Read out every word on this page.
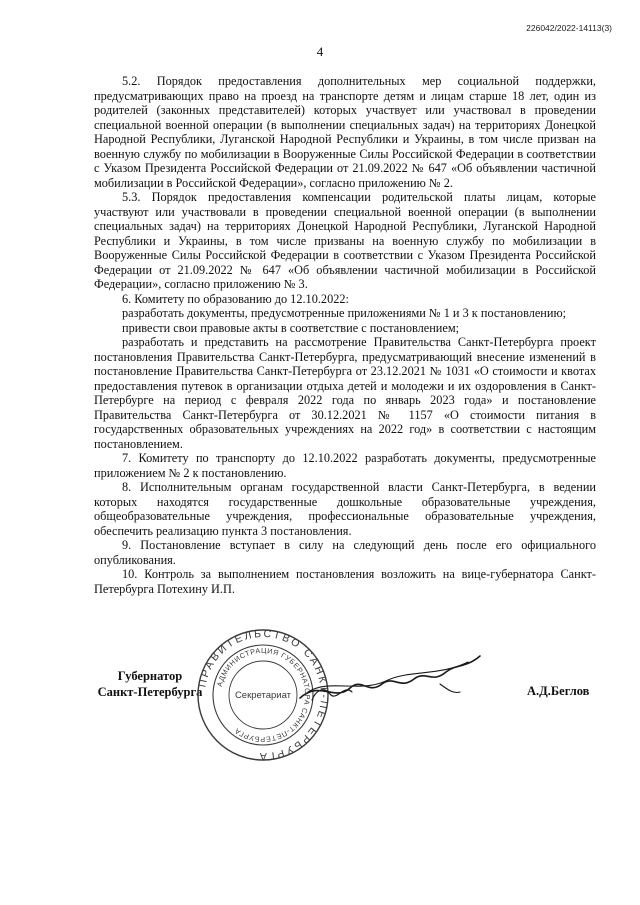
226042/2022-14113(3)
4

5.2. Порядок предоставления дополнительных мер социальной поддержки, предусматривающих право на проезд на транспорте детям и лицам старше 18 лет, один из родителей (законных представителей) которых участвует или участвовал в проведении специальной военной операции (в выполнении специальных задач) на территориях Донецкой Народной Республики, Луганской Народной Республики и Украины, в том числе призван на военную службу по мобилизации в Вооруженные Силы Российской Федерации в соответствии с Указом Президента Российской Федерации от 21.09.2022 № 647 «Об объявлении частичной мобилизации в Российской Федерации», согласно приложению № 2.

5.3. Порядок предоставления компенсации родительской платы лицам, которые участвуют или участвовали в проведении специальной военной операции (в выполнении специальных задач) на территориях Донецкой Народной Республики, Луганской Народной Республики и Украины, в том числе призваны на военную службу по мобилизации в Вооруженные Силы Российской Федерации в соответствии с Указом Президента Российской Федерации от 21.09.2022 № 647 «Об объявлении частичной мобилизации в Российской Федерации», согласно приложению № 3.

6. Комитету по образованию до 12.10.2022:

разработать документы, предусмотренные приложениями № 1 и 3 к постановлению;

привести свои правовые акты в соответствие с постановлением;

разработать и представить на рассмотрение Правительства Санкт-Петербурга проект постановления Правительства Санкт-Петербурга, предусматривающий внесение изменений в постановление Правительства Санкт-Петербурга от 23.12.2021 № 1031 «О стоимости и квотах предоставления путевок в организации отдыха детей и молодежи и их оздоровления в Санкт-Петербурге на период с февраля 2022 года по январь 2023 года» и постановление Правительства Санкт-Петербурга от 30.12.2021 № 1157 «О стоимости питания в государственных образовательных учреждениях на 2022 год» в соответствии с настоящим постановлением.

7. Комитету по транспорту до 12.10.2022 разработать документы, предусмотренные приложением № 2 к постановлению.

8. Исполнительным органам государственной власти Санкт-Петербурга, в ведении которых находятся государственные дошкольные образовательные учреждения, общеобразовательные учреждения, профессиональные образовательные учреждения, обеспечить реализацию пункта 3 постановления.

9. Постановление вступает в силу на следующий день после его официального опубликования.

10. Контроль за выполнением постановления возложить на вице-губернатора Санкт-Петербурга Потехину И.П.

Губернатор
Санкт-Петербурга
ПРАВИТЕЛЬСТВО САНКТ-ПЕТЕРБУРГА
АДМИНИСТРАЦИЯ ГУБЕРНАТОРА САНКТ-ПЕТЕРБУРГА
Секретариат	А.Д.Беглов
